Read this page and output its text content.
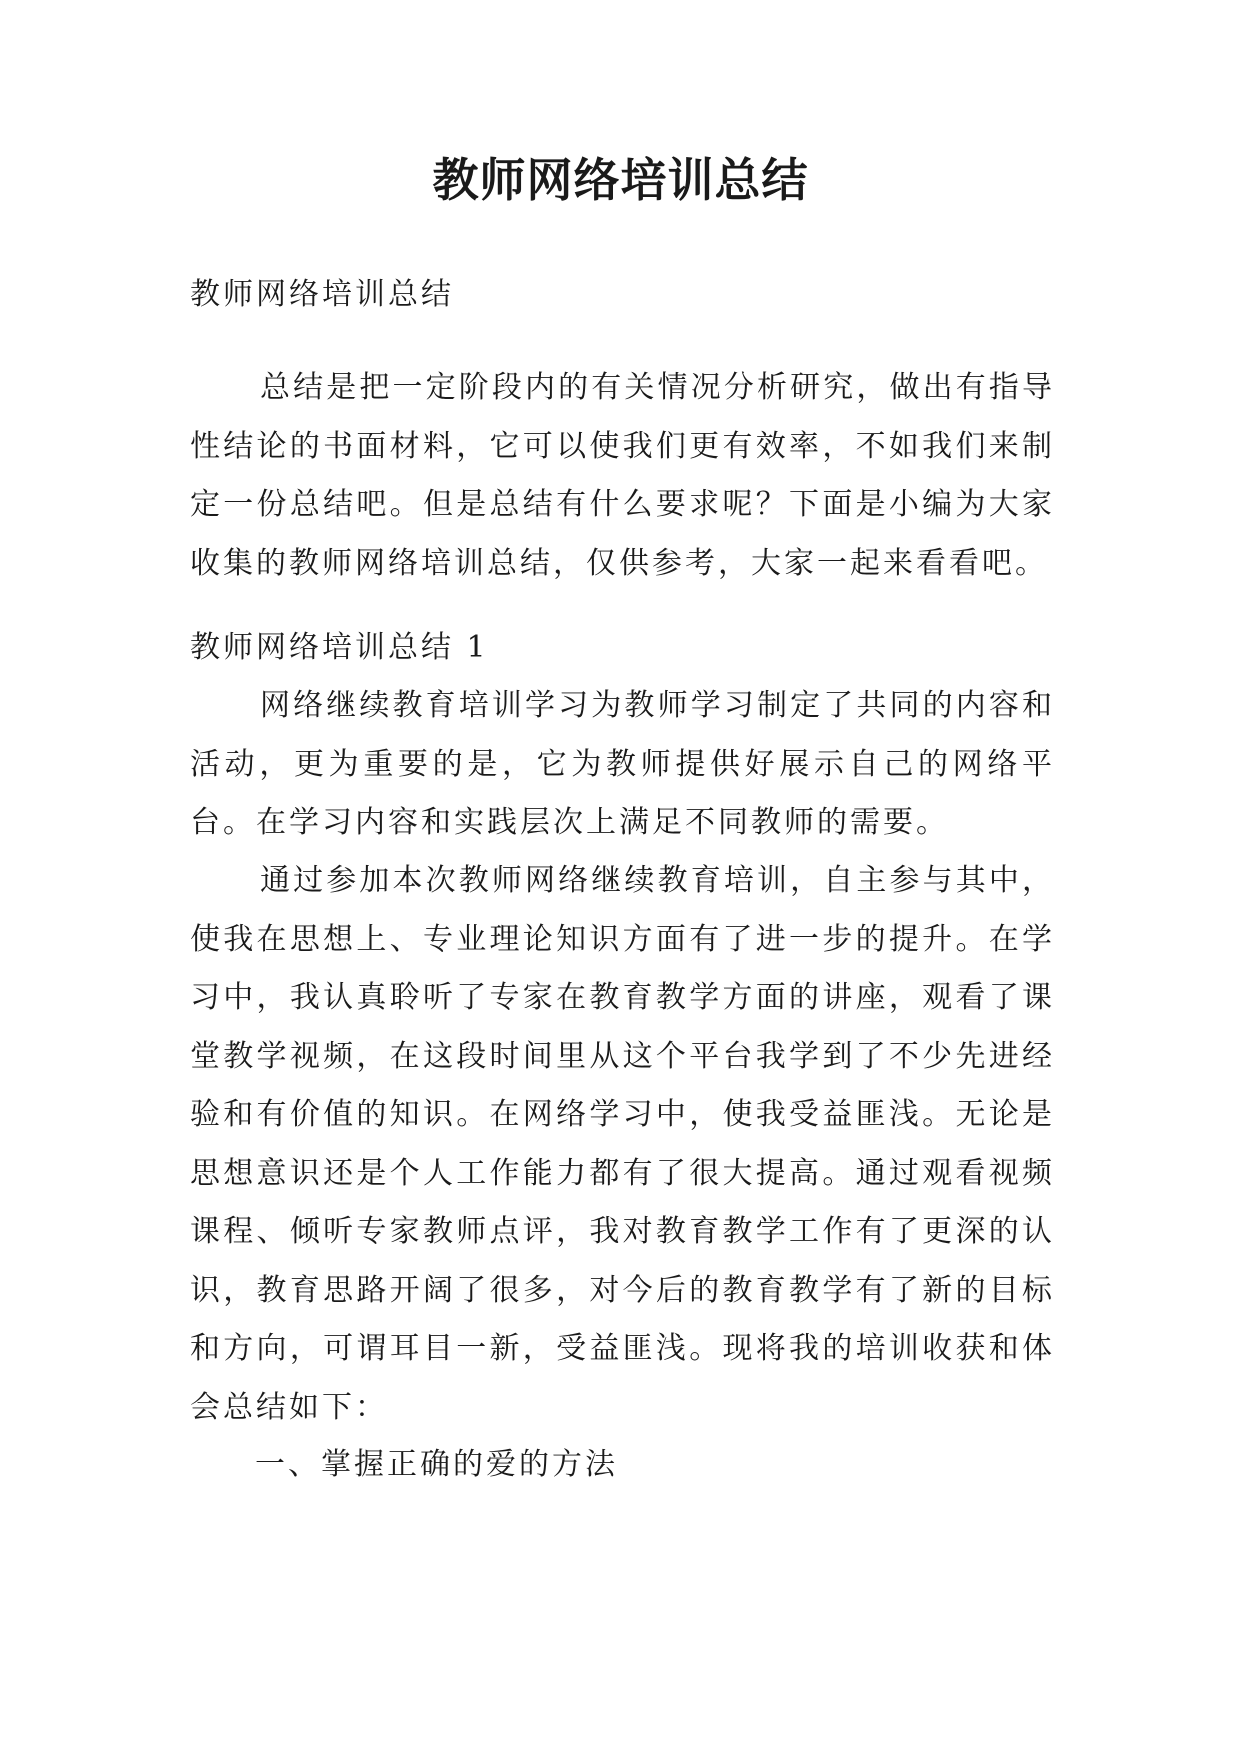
教师网络培训总结

教师网络培训总结

总结是把一定阶段内的有关情况分析研究，做出有指导性结论的书面材料，它可以使我们更有效率，不如我们来制定一份总结吧。但是总结有什么要求呢？下面是小编为大家收集的教师网络培训总结，仅供参考，大家一起来看看吧。

教师网络培训总结 1

网络继续教育培训学习为教师学习制定了共同的内容和活动，更为重要的是，它为教师提供好展示自己的网络平台。在学习内容和实践层次上满足不同教师的需要。

通过参加本次教师网络继续教育培训，自主参与其中，使我在思想上、专业理论知识方面有了进一步的提升。在学习中，我认真聆听了专家在教育教学方面的讲座，观看了课堂教学视频，在这段时间里从这个平台我学到了不少先进经验和有价值的知识。在网络学习中，使我受益匪浅。无论是思想意识还是个人工作能力都有了很大提高。通过观看视频课程、倾听专家教师点评，我对教育教学工作有了更深的认识，教育思路开阔了很多，对今后的教育教学有了新的目标和方向，可谓耳目一新，受益匪浅。现将我的培训收获和体会总结如下：

一、掌握正确的爱的方法
